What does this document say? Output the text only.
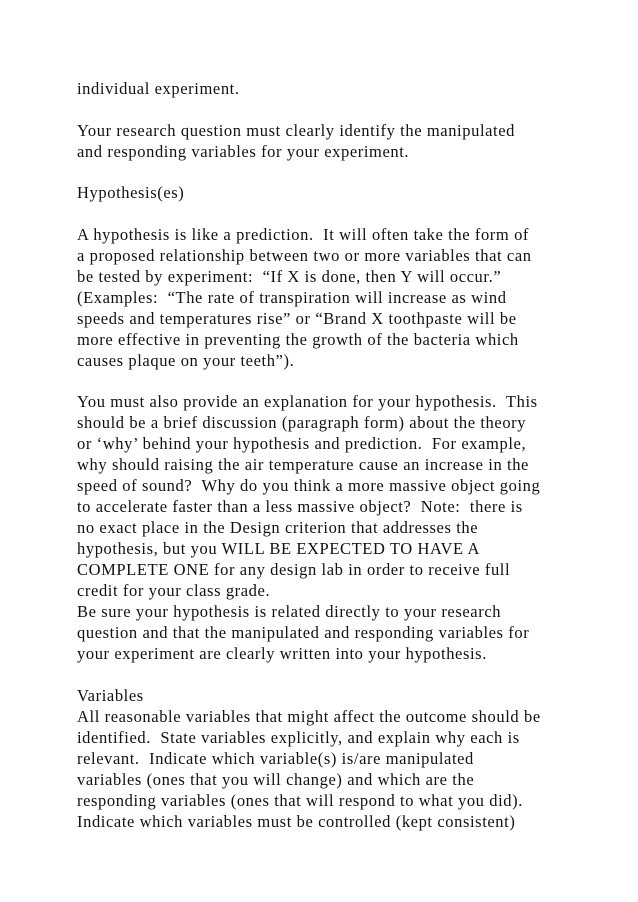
individual experiment.

Your research question must clearly identify the manipulated

and responding variables for your experiment.

Hypothesis(es)

A hypothesis is like a prediction.  It will often take the form of

a proposed relationship between two or more variables that can

be tested by experiment:  “If X is done, then Y will occur.”

(Examples:  “The rate of transpiration will increase as wind

speeds and temperatures rise” or “Brand X toothpaste will be

more effective in preventing the growth of the bacteria which

causes plaque on your teeth”).

You must also provide an explanation for your hypothesis.  This

should be a brief discussion (paragraph form) about the theory

or ‘why’ behind your hypothesis and prediction.  For example,

why should raising the air temperature cause an increase in the

speed of sound?  Why do you think a more massive object going

to accelerate faster than a less massive object?  Note:  there is

no exact place in the Design criterion that addresses the

hypothesis, but you WILL BE EXPECTED TO HAVE A

COMPLETE ONE for any design lab in order to receive full

credit for your class grade.

Be sure your hypothesis is related directly to your research

question and that the manipulated and responding variables for

your experiment are clearly written into your hypothesis.

Variables

All reasonable variables that might affect the outcome should be

identified.  State variables explicitly, and explain why each is

relevant.  Indicate which variable(s) is/are manipulated

variables (ones that you will change) and which are the

responding variables (ones that will respond to what you did).

Indicate which variables must be controlled (kept consistent)
